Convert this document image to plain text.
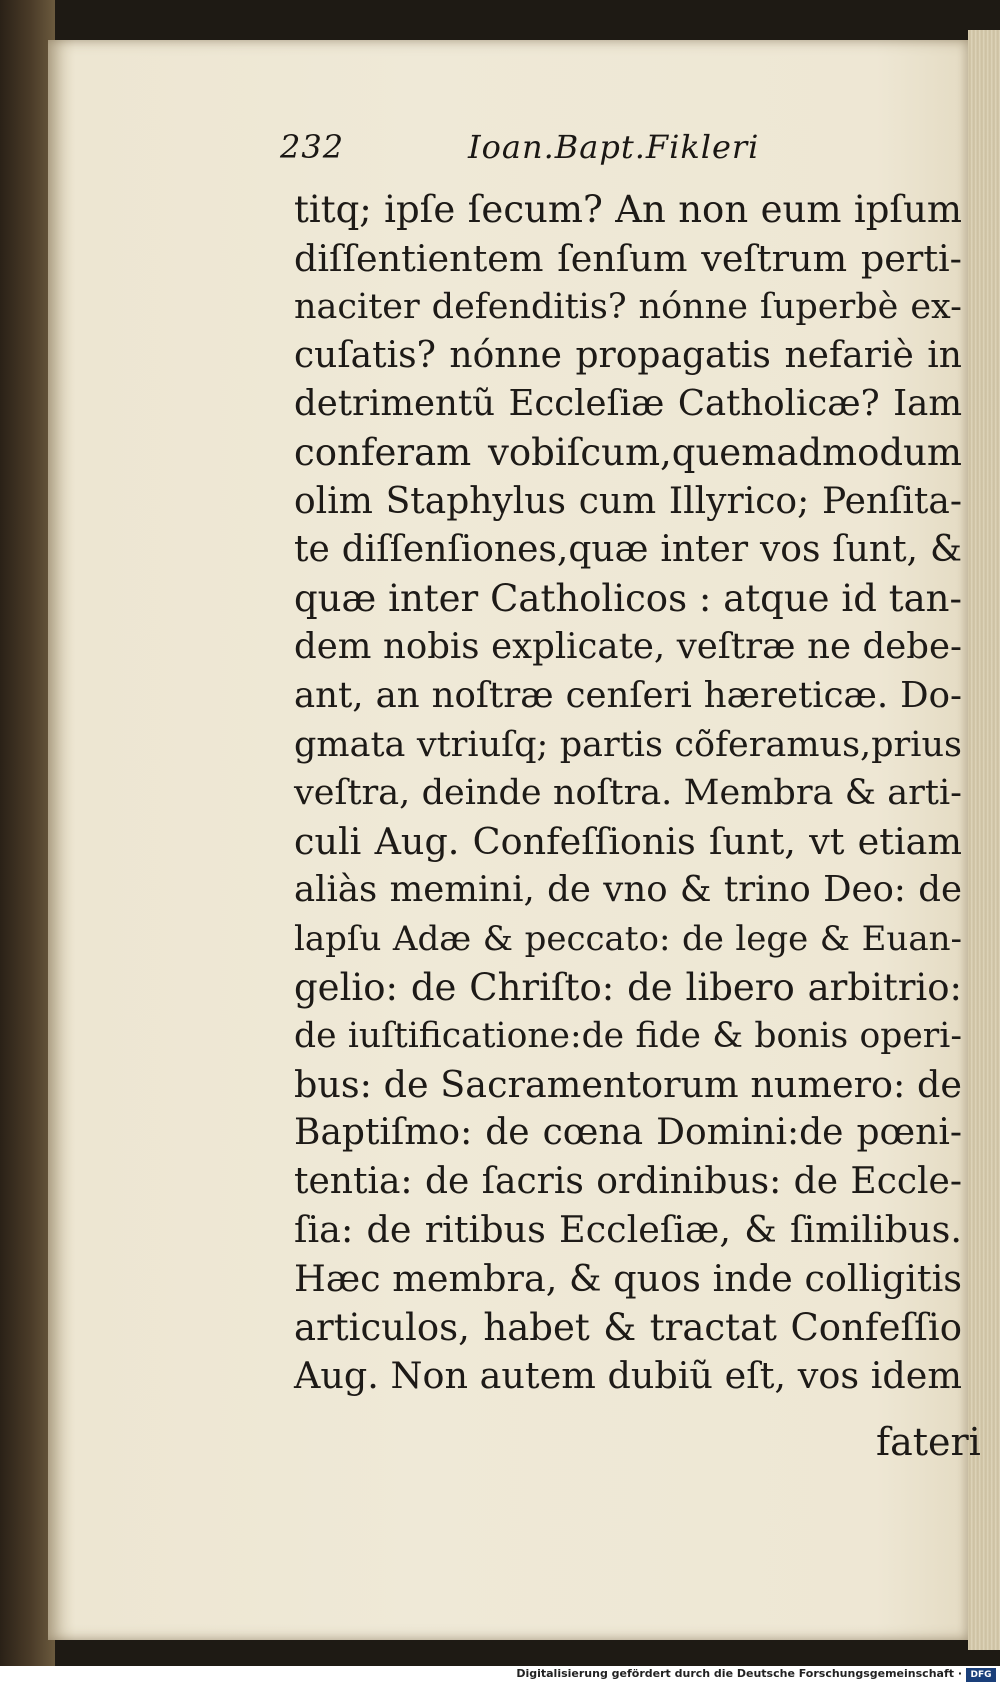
232	Ioan.Bapt.Fikleri
titq; ipſe ſecum? An non eum ipſum
diſſentientem ſenſum veſtrum perti-
naciter defenditis? nónne ſuperbè ex-
cuſatis? nónne propagatis nefariè in
detrimentũ Eccleſiæ Catholicæ? Iam
conferam vobiſcum,quemadmodum
olim Staphylus cum Illyrico; Penſita-
te diſſenſiones,quæ inter vos ſunt, &
quæ inter Catholicos : atque id tan-
dem nobis explicate, veſtræ ne debe-
ant, an noſtræ cenſeri hæreticæ. Do-
gmata vtriuſq; partis cõferamus,prius
veſtra, deinde noſtra. Membra & arti-
culi Aug. Confeſſionis ſunt, vt etiam
aliàs memini, de vno & trino Deo: de
lapſu Adæ & peccato: de lege & Euan-
gelio: de Chriſto: de libero arbitrio:
de iuſtificatione:de fide & bonis operi-
bus: de Sacramentorum numero: de
Baptiſmo: de cœna Domini:de pœni-
tentia: de ſacris ordinibus: de Eccle-
ſia: de ritibus Eccleſiæ, & ſimilibus.
Hæc membra, & quos inde colligitis
articulos, habet & tractat Confeſſio
Aug. Non autem dubiũ eſt, vos idem
fateri
Digitalisierung gefördert durch die Deutsche Forschungsgemeinschaft · DFG
